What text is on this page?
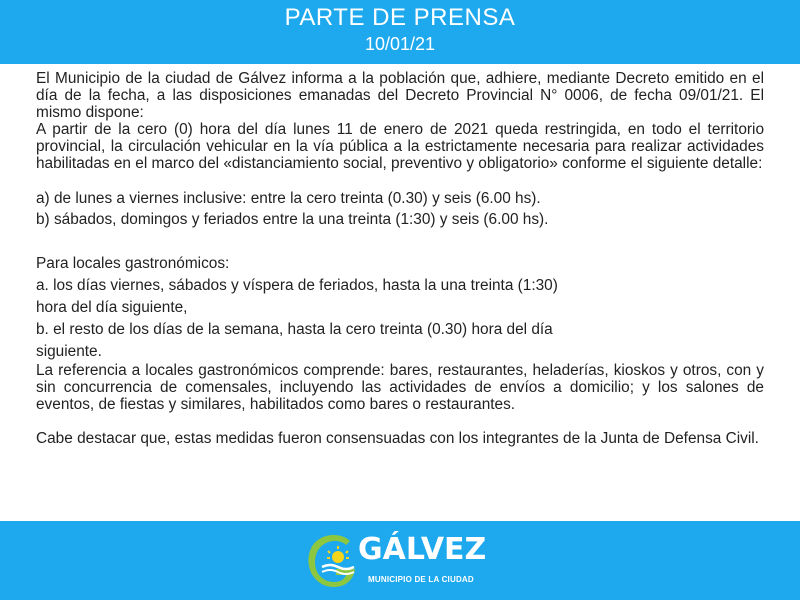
PARTE DE PRENSA
10/01/21

El Municipio de la ciudad de Gálvez informa a la población que, adhiere, mediante Decreto emitido en el día de la fecha, a las disposiciones emanadas del Decreto Provincial N° 0006, de fecha 09/01/21. El mismo dispone:

A partir de la cero (0) hora del día lunes 11 de enero de 2021 queda restringida, en todo el territorio provincial, la circulación vehicular en la vía pública a la estrictamente necesaria para realizar actividades habilitadas en el marco del «distanciamiento social, preventivo y obligatorio» conforme el siguiente detalle:

a) de lunes a viernes inclusive: entre la cero treinta (0.30) y seis (6.00 hs).

b) sábados, domingos y feriados entre la una treinta (1:30) y seis (6.00 hs).

Para locales gastronómicos:

a. los días viernes, sábados y víspera de feriados, hasta la una treinta (1:30)

hora del día siguiente,

b. el resto de los días de la semana, hasta la cero treinta (0.30) hora del día

siguiente.

La referencia a locales gastronómicos comprende: bares, restaurantes, heladerías, kioskos y otros, con y sin concurrencia de comensales, incluyendo las actividades de envíos a domicilio; y los salones de eventos, de fiestas y similares, habilitados como bares o restaurantes.

Cabe destacar que, estas medidas fueron consensuadas con los integrantes de la Junta de Defensa Civil.

GÁLVEZ
MUNICIPIO DE LA CIUDAD
